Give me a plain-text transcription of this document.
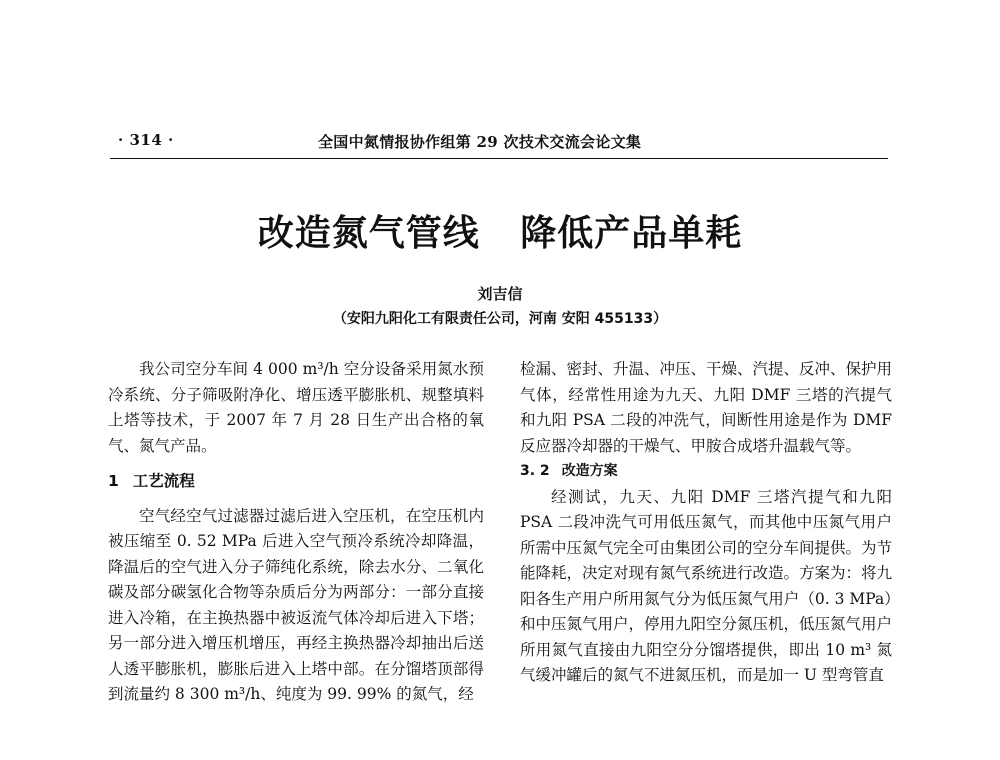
· 314 ·	全国中氮情报协作组第 29 次技术交流会论文集
改造氮气管线   降低产品单耗
刘吉信
（安阳九阳化工有限责任公司，河南 安阳 455133）

我公司空分车间 4 000 m³/h 空分设备采用氮水预冷系统、分子筛吸附净化、增压透平膨胀机、规整填料上塔等技术，于 2007 年 7 月 28 日生产出合格的氧气、氮气产品。

1 工艺流程

空气经空气过滤器过滤后进入空压机，在空压机内被压缩至 0. 52 MPa 后进入空气预冷系统冷却降温，降温后的空气进入分子筛纯化系统，除去水分、二氧化碳及部分碳氢化合物等杂质后分为两部分：一部分直接进入冷箱，在主换热器中被返流气体冷却后进入下塔；另一部分进入增压机增压，再经主换热器冷却抽出后送人透平膨胀机，膨胀后进入上塔中部。在分馏塔顶部得到流量约 8 300 m³/h、纯度为 99. 99% 的氮气，经

检漏、密封、升温、冲压、干燥、汽提、反冲、保护用气体，经常性用途为九天、九阳 DMF 三塔的汽提气和九阳 PSA 二段的冲洗气，间断性用途是作为 DMF 反应器冷却器的干燥气、甲胺合成塔升温载气等。

3. 2 改造方案

经测试，九天、九阳 DMF 三塔汽提气和九阳 PSA 二段冲洗气可用低压氮气，而其他中压氮气用户所需中压氮气完全可由集团公司的空分车间提供。为节能降耗，决定对现有氮气系统进行改造。方案为：将九阳各生产用户所用氮气分为低压氮气用户（0. 3 MPa）和中压氮气用户，停用九阳空分氮压机，低压氮气用户所用氮气直接由九阳空分分馏塔提供，即出 10 m³ 氮气缓冲罐后的氮气不进氮压机，而是加一 U 型弯管直
